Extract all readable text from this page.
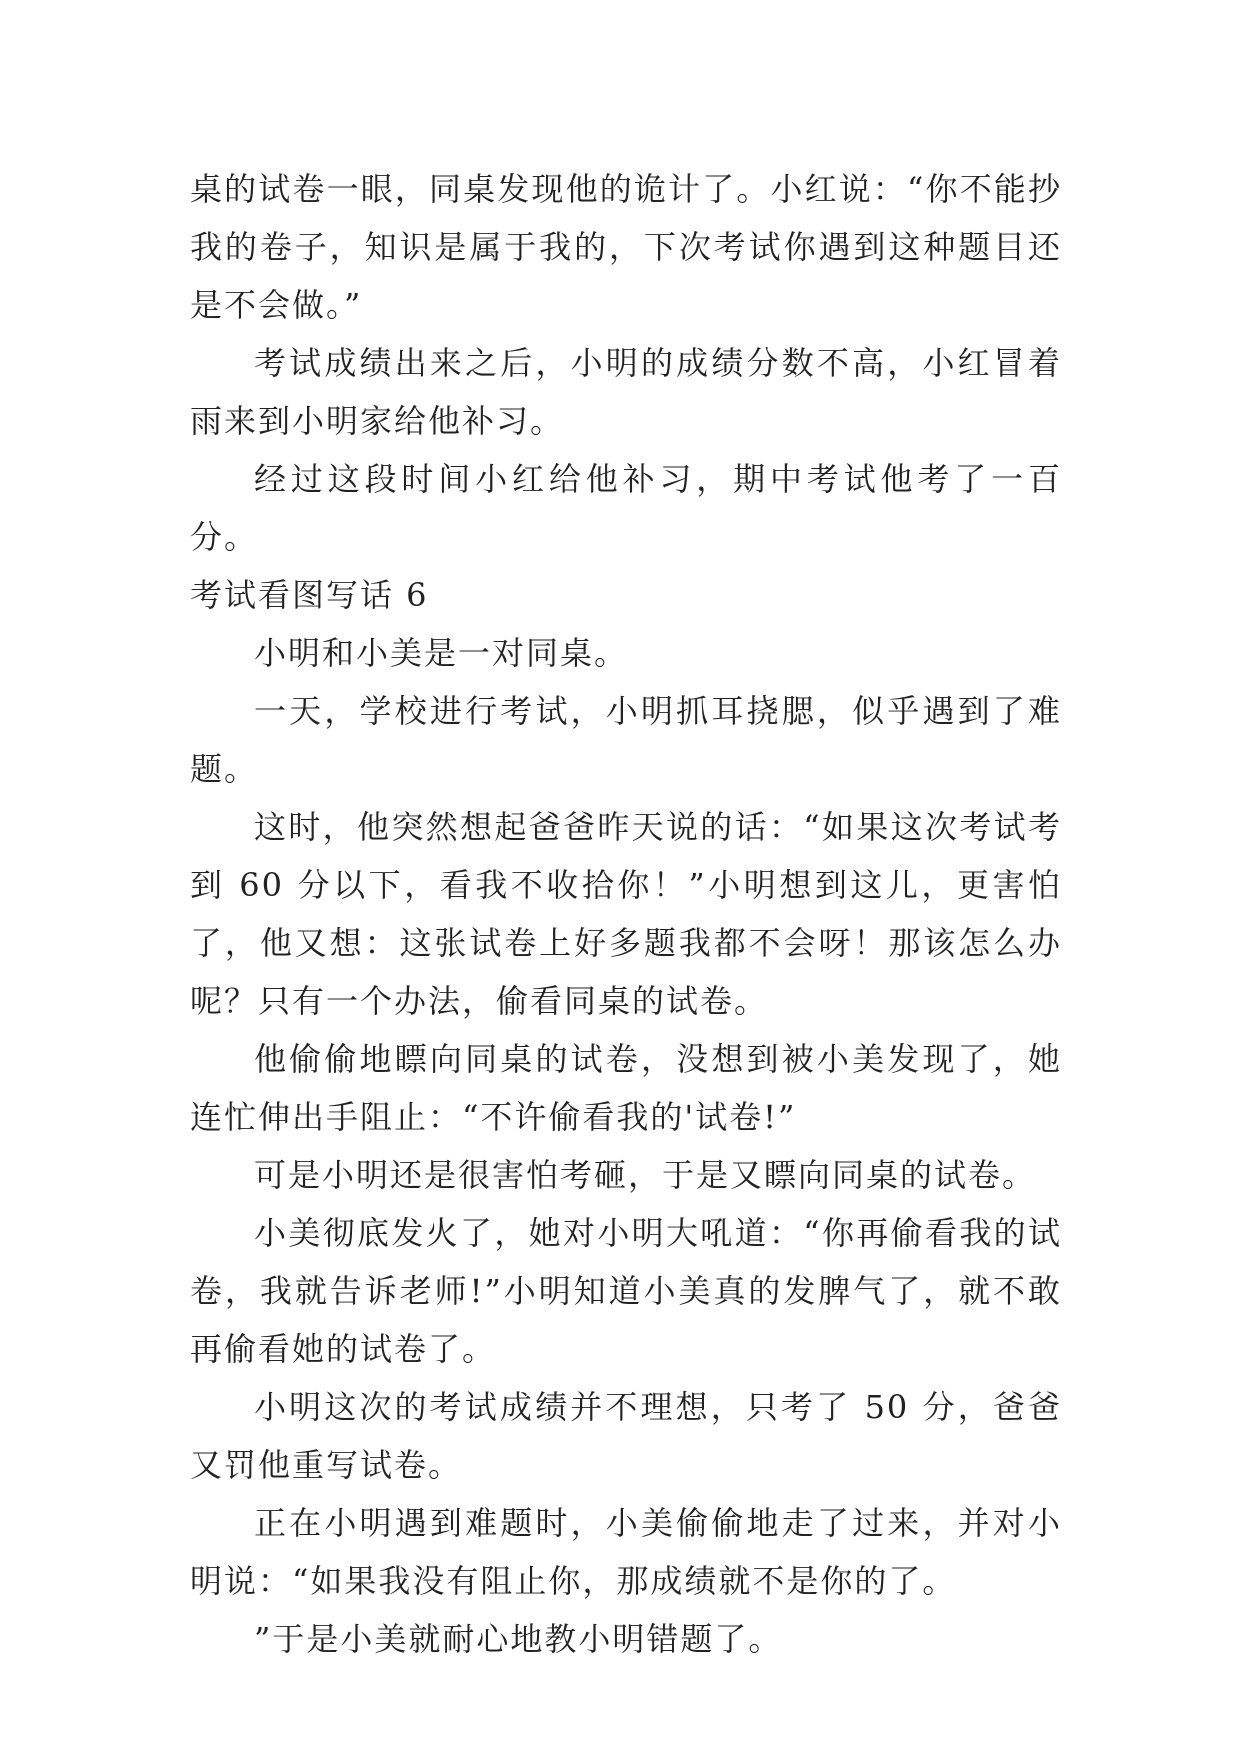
桌的试卷一眼，同桌发现他的诡计了。小红说：“你不能抄我的卷子，知识是属于我的，下次考试你遇到这种题目还是不会做。”

考试成绩出来之后，小明的成绩分数不高，小红冒着雨来到小明家给他补习。

经过这段时间小红给他补习，期中考试他考了一百分。

考试看图写话 6

小明和小美是一对同桌。

一天，学校进行考试，小明抓耳挠腮，似乎遇到了难题。

这时，他突然想起爸爸昨天说的话：“如果这次考试考到 60 分以下，看我不收拾你！”小明想到这儿，更害怕了，他又想：这张试卷上好多题我都不会呀！那该怎么办呢？只有一个办法，偷看同桌的试卷。

他偷偷地瞟向同桌的试卷，没想到被小美发现了，她连忙伸出手阻止：“不许偷看我的'试卷!”

可是小明还是很害怕考砸，于是又瞟向同桌的试卷。

小美彻底发火了，她对小明大吼道：“你再偷看我的试卷，我就告诉老师!”小明知道小美真的发脾气了，就不敢再偷看她的试卷了。

小明这次的考试成绩并不理想，只考了 50 分，爸爸又罚他重写试卷。

正在小明遇到难题时，小美偷偷地走了过来，并对小明说：“如果我没有阻止你，那成绩就不是你的了。

”于是小美就耐心地教小明错题了。
